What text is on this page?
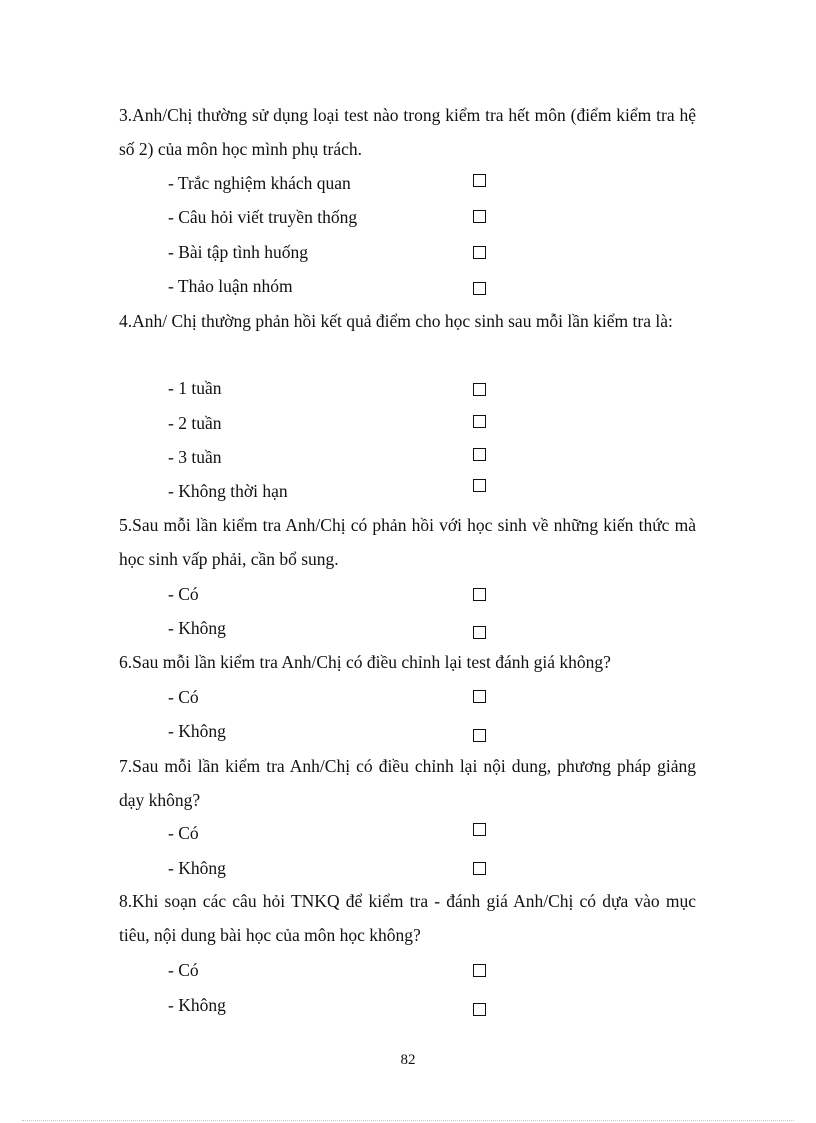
3.Anh/Chị thường sử dụng loại test nào trong kiểm tra hết môn (điểm kiểm tra hệ số 2) của môn học mình phụ trách.

- Trắc nghiệm khách quan
- Câu hỏi viết truyền thống
- Bài tập tình huống
- Thảo luận nhóm

4.Anh/ Chị thường phản hồi kết quả điểm cho học sinh sau mỗi lần kiểm tra là:

- 1 tuần
- 2 tuần
- 3 tuần
- Không thời hạn

5.Sau mỗi lần kiểm tra Anh/Chị có phản hồi với học sinh về những kiến thức mà học sinh vấp phải, cần bổ sung.

- Có
- Không

6.Sau mỗi lần kiểm tra Anh/Chị có điều chỉnh lại test đánh giá không?

- Có
- Không

7.Sau mỗi lần kiểm tra Anh/Chị có điều chỉnh lại nội dung, phương pháp giảng dạy không?

- Có
- Không

8.Khi soạn các câu hỏi TNKQ để kiểm tra - đánh giá Anh/Chị có dựa vào mục tiêu, nội dung bài học của môn học không?

- Có
- Không
82
